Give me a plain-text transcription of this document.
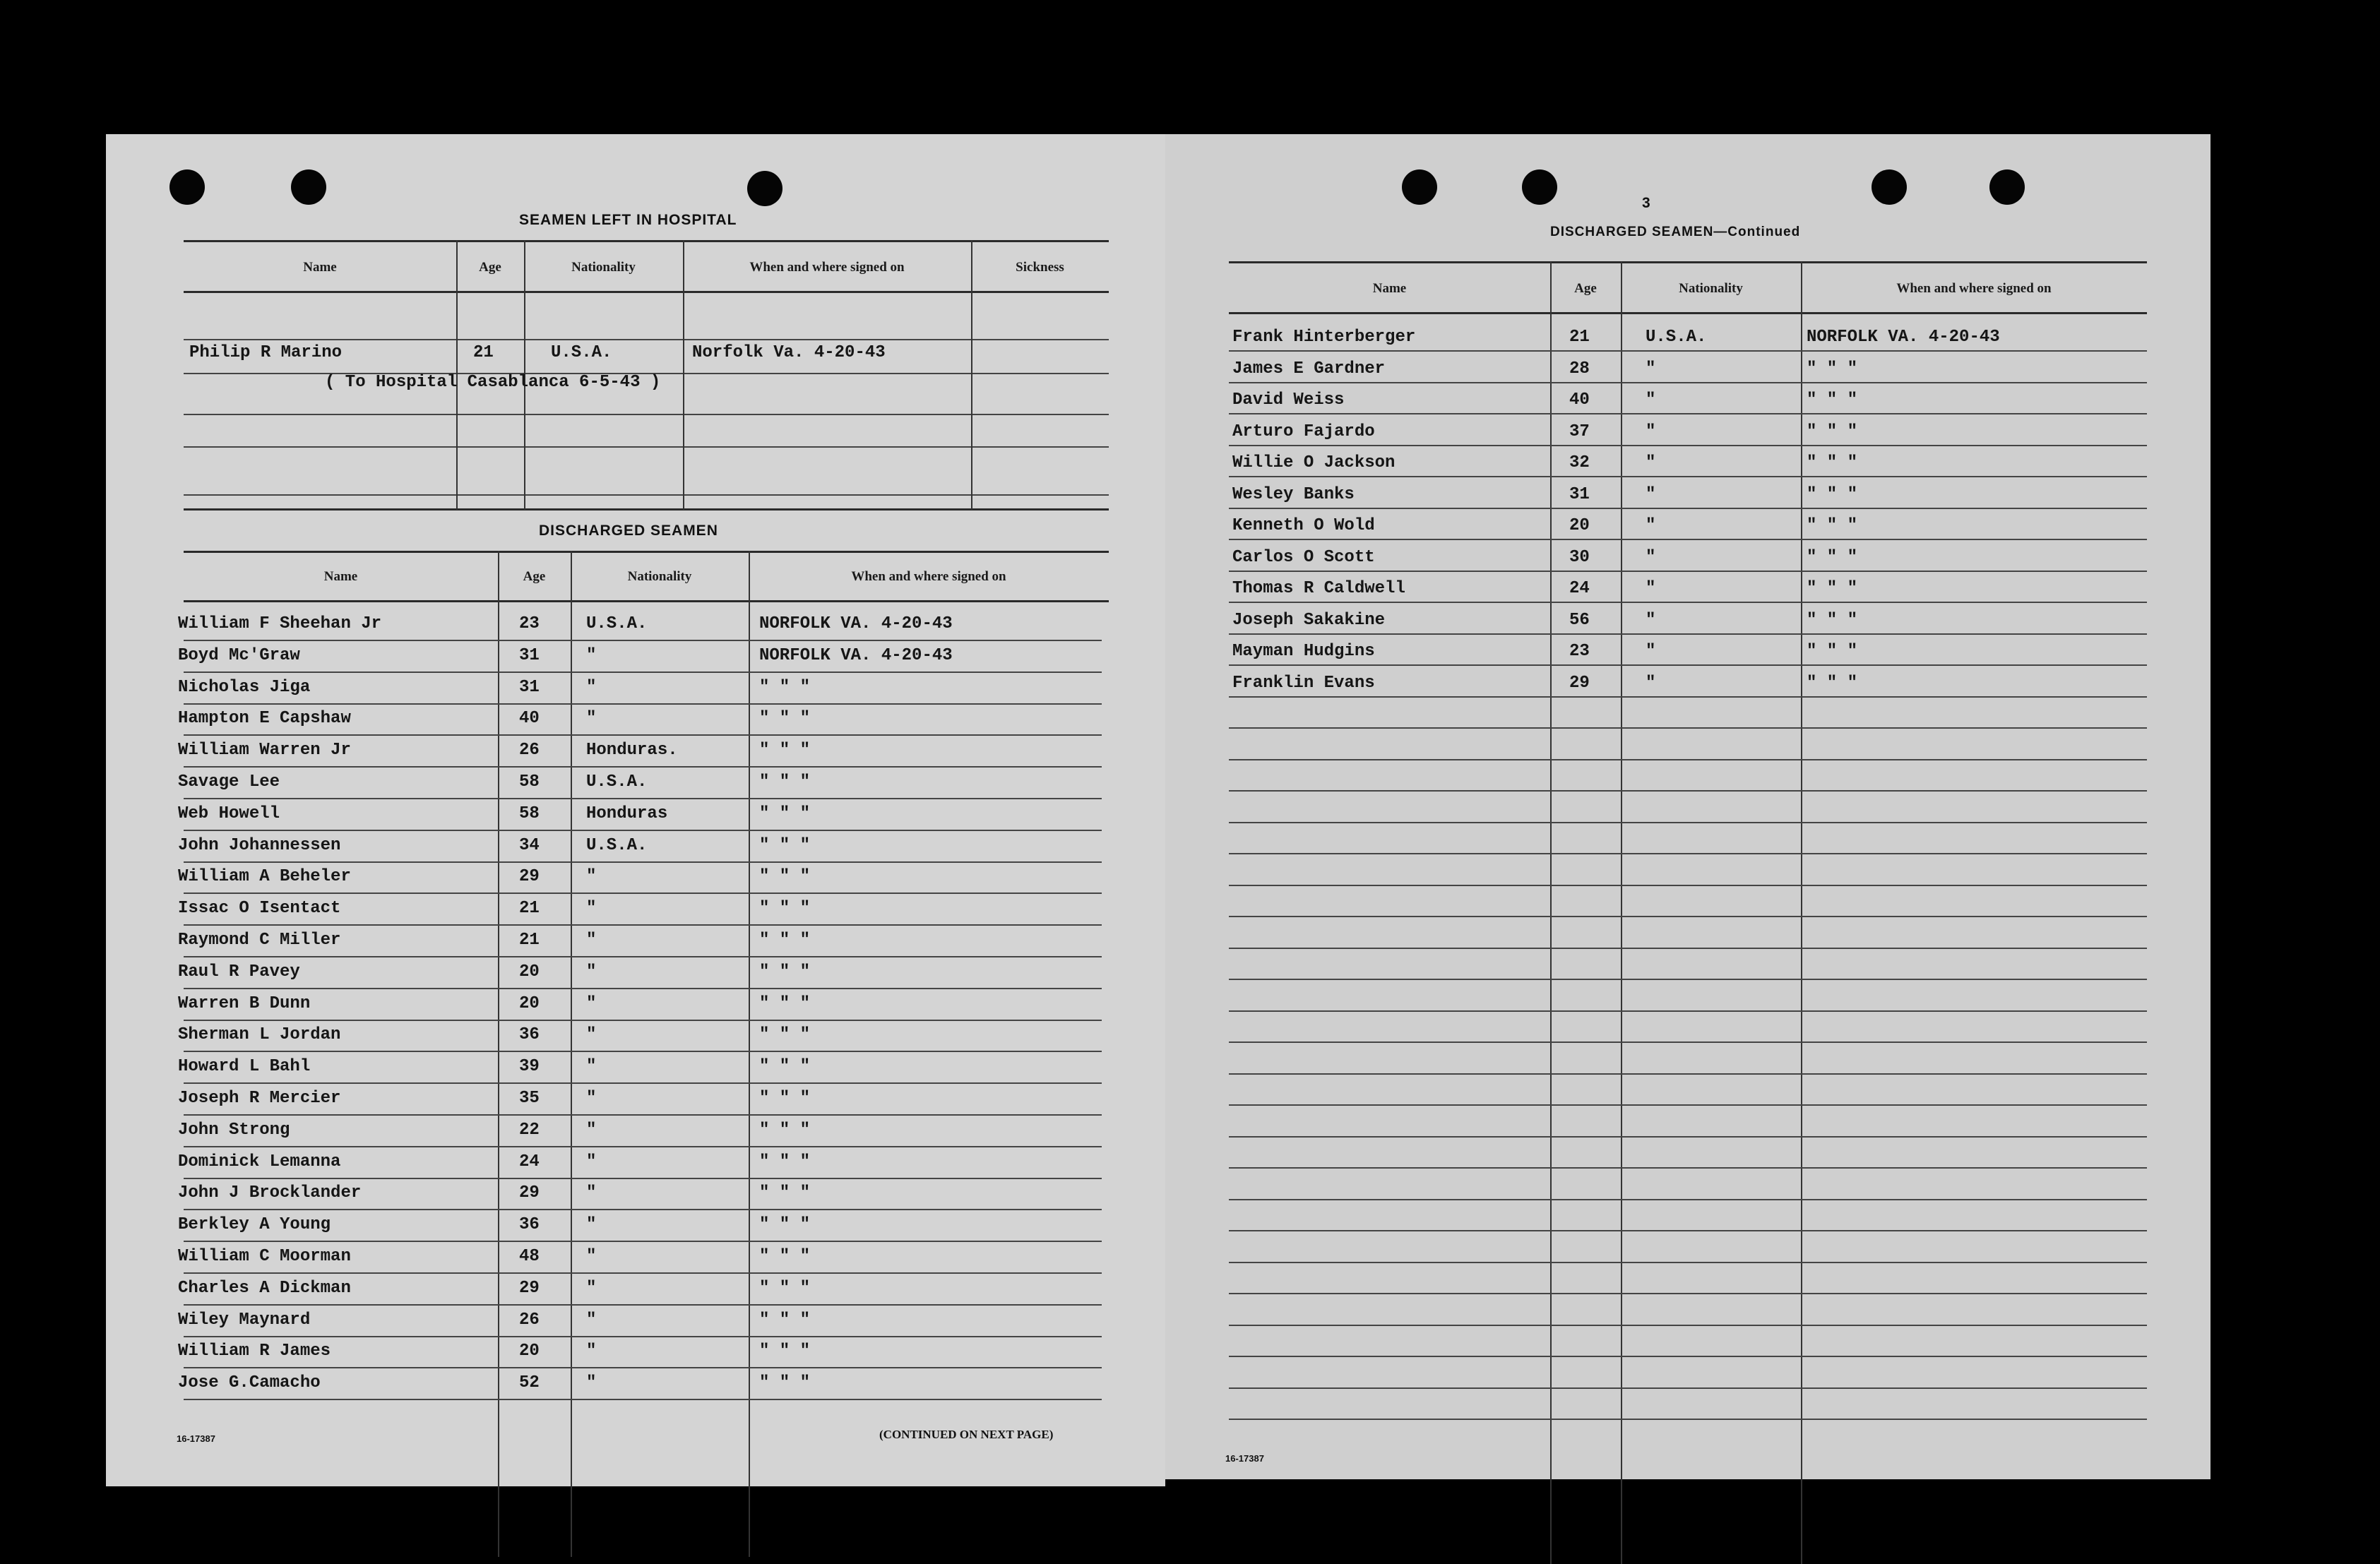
SEAMEN LEFT IN HOSPITAL
Name	Age	Nationality	When and where signed on	Sickness
Philip R Marino	21	U.S.A.	Norfolk Va. 4-20-43
( To Hospital Casablanca 6-5-43 )
DISCHARGED SEAMEN
Name	Age	Nationality	When and where signed on
William F Sheehan Jr	23	U.S.A.	NORFOLK VA. 4-20-43
Boyd Mc'Graw	31	"	NORFOLK VA. 4-20-43
Nicholas Jiga	31	"	" " "
Hampton E Capshaw	40	"	" " "
William Warren Jr	26	Honduras.	" " "
Savage Lee	58	U.S.A.	" " "
Web Howell	58	Honduras	" " "
John Johannessen	34	U.S.A.	" " "
William A Beheler	29	"	" " "
Issac O Isentact	21	"	" " "
Raymond C Miller	21	"	" " "
Raul R Pavey	20	"	" " "
Warren B Dunn	20	"	" " "
Sherman L Jordan	36	"	" " "
Howard L Bahl	39	"	" " "
Joseph R Mercier	35	"	" " "
John Strong	22	"	" " "
Dominick Lemanna	24	"	" " "
John J Brocklander	29	"	" " "
Berkley A Young	36	"	" " "
William C Moorman	48	"	" " "
Charles A Dickman	29	"	" " "
Wiley Maynard	26	"	" " "
William R James	20	"	" " "
Jose G.Camacho	52	"	" " "
16-17387	(CONTINUED ON NEXT PAGE)
3
DISCHARGED SEAMEN—Continued
Name	Age	Nationality	When and where signed on
Frank Hinterberger	21	U.S.A.	NORFOLK VA. 4-20-43
James E Gardner	28	"	" " "
David Weiss	40	"	" " "
Arturo Fajardo	37	"	" " "
Willie O Jackson	32	"	" " "
Wesley Banks	31	"	" " "
Kenneth O Wold	20	"	" " "
Carlos O Scott	30	"	" " "
Thomas R Caldwell	24	"	" " "
Joseph Sakakine	56	"	" " "
Mayman Hudgins	23	"	" " "
Franklin Evans	29	"	" " "
16-17387
